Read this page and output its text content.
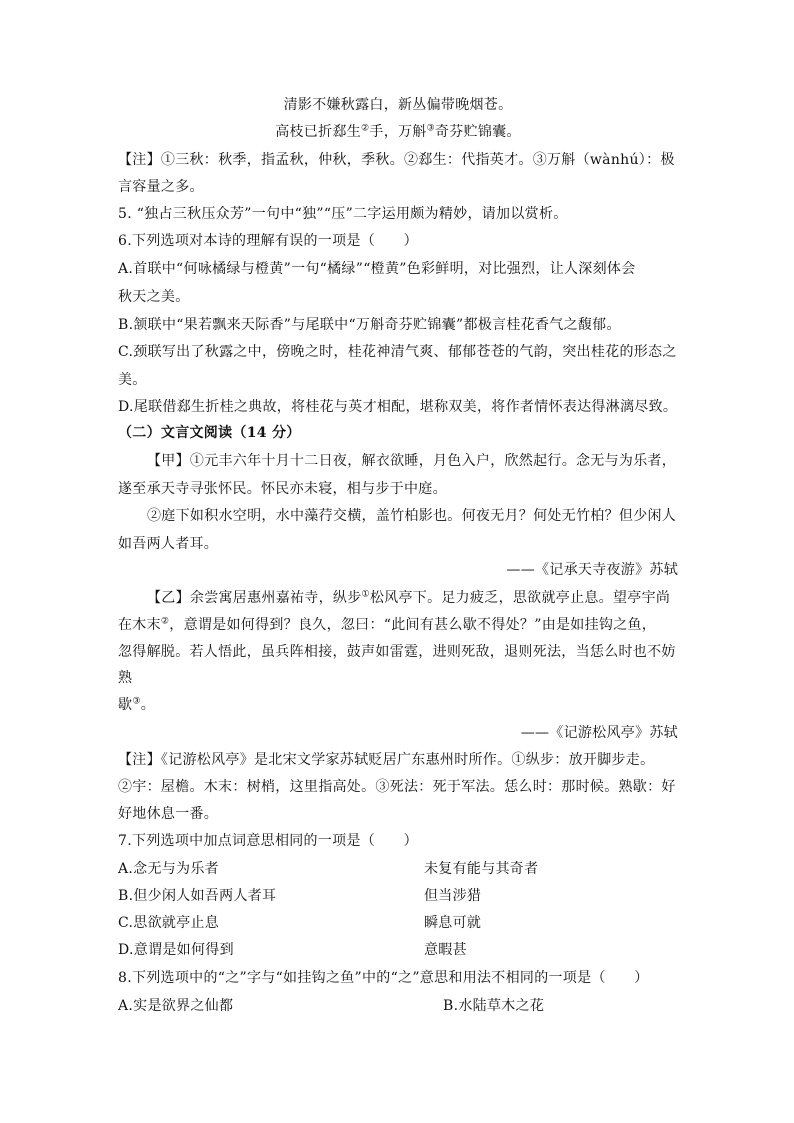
清影不嫌秋露白，新丛偏带晚烟苍。
高枝已折郄生②手，万斛③奇芬贮锦囊。
【注】①三秋：秋季，指孟秋，仲秋，季秋。②郄生：代指英才。③万斛（wànhú）：极
言容量之多。
5. “独占三秋压众芳”一句中“独”“压”二字运用颇为精妙，请加以赏析。
6.下列选项对本诗的理解有误的一项是（　　）
A.首联中“何咏橘绿与橙黄”一句“橘绿”“橙黄”色彩鲜明，对比强烈，让人深刻体会
秋天之美。
B.颔联中“果若飘来天际香”与尾联中“万斛奇芬贮锦囊”都极言桂花香气之馥郁。
C.颈联写出了秋露之中，傍晚之时，桂花神清气爽、郁郁苍苍的气韵，突出桂花的形态之
美。
D.尾联借郄生折桂之典故，将桂花与英才相配，堪称双美，将作者情怀表达得淋漓尽致。
（二）文言文阅读（14 分）
【甲】①元丰六年十月十二日夜，解衣欲睡，月色入户，欣然起行。念无与为乐者，
遂至承天寺寻张怀民。怀民亦未寝，相与步于中庭。
②庭下如积水空明，水中藻荇交横，盖竹柏影也。何夜无月？何处无竹柏？但少闲人
如吾两人者耳。
——《记承天寺夜游》苏轼
【乙】余尝寓居惠州嘉祐寺，纵步①松风亭下。足力疲乏，思欲就亭止息。望亭宇尚
在木末②，意谓是如何得到？良久，忽曰：“此间有甚么歇不得处？”由是如挂钩之鱼，
忽得解脱。若人悟此，虽兵阵相接，鼓声如雷霆，进则死敌，退则死法，当恁么时也不妨
熟
歇③。
——《记游松风亭》苏轼
【注】《记游松风亭》是北宋文学家苏轼贬居广东惠州时所作。①纵步：放开脚步走。
②宇：屋檐。木末：树梢，这里指高处。③死法：死于军法。恁么时：那时候。熟歇：好
好地休息一番。
7.下列选项中加点词意思相同的一项是（　　）
A.念无与为乐者	未复有能与其奇者
B.但少闲人如吾两人者耳	但当涉猎
C.思欲就亭止息	瞬息可就
D.意谓是如何得到	意暇甚
8.下列选项中的“之”字与“如挂钩之鱼”中的“之”意思和用法不相同的一项是（　　）
A.实是欲界之仙都	B.水陆草木之花
